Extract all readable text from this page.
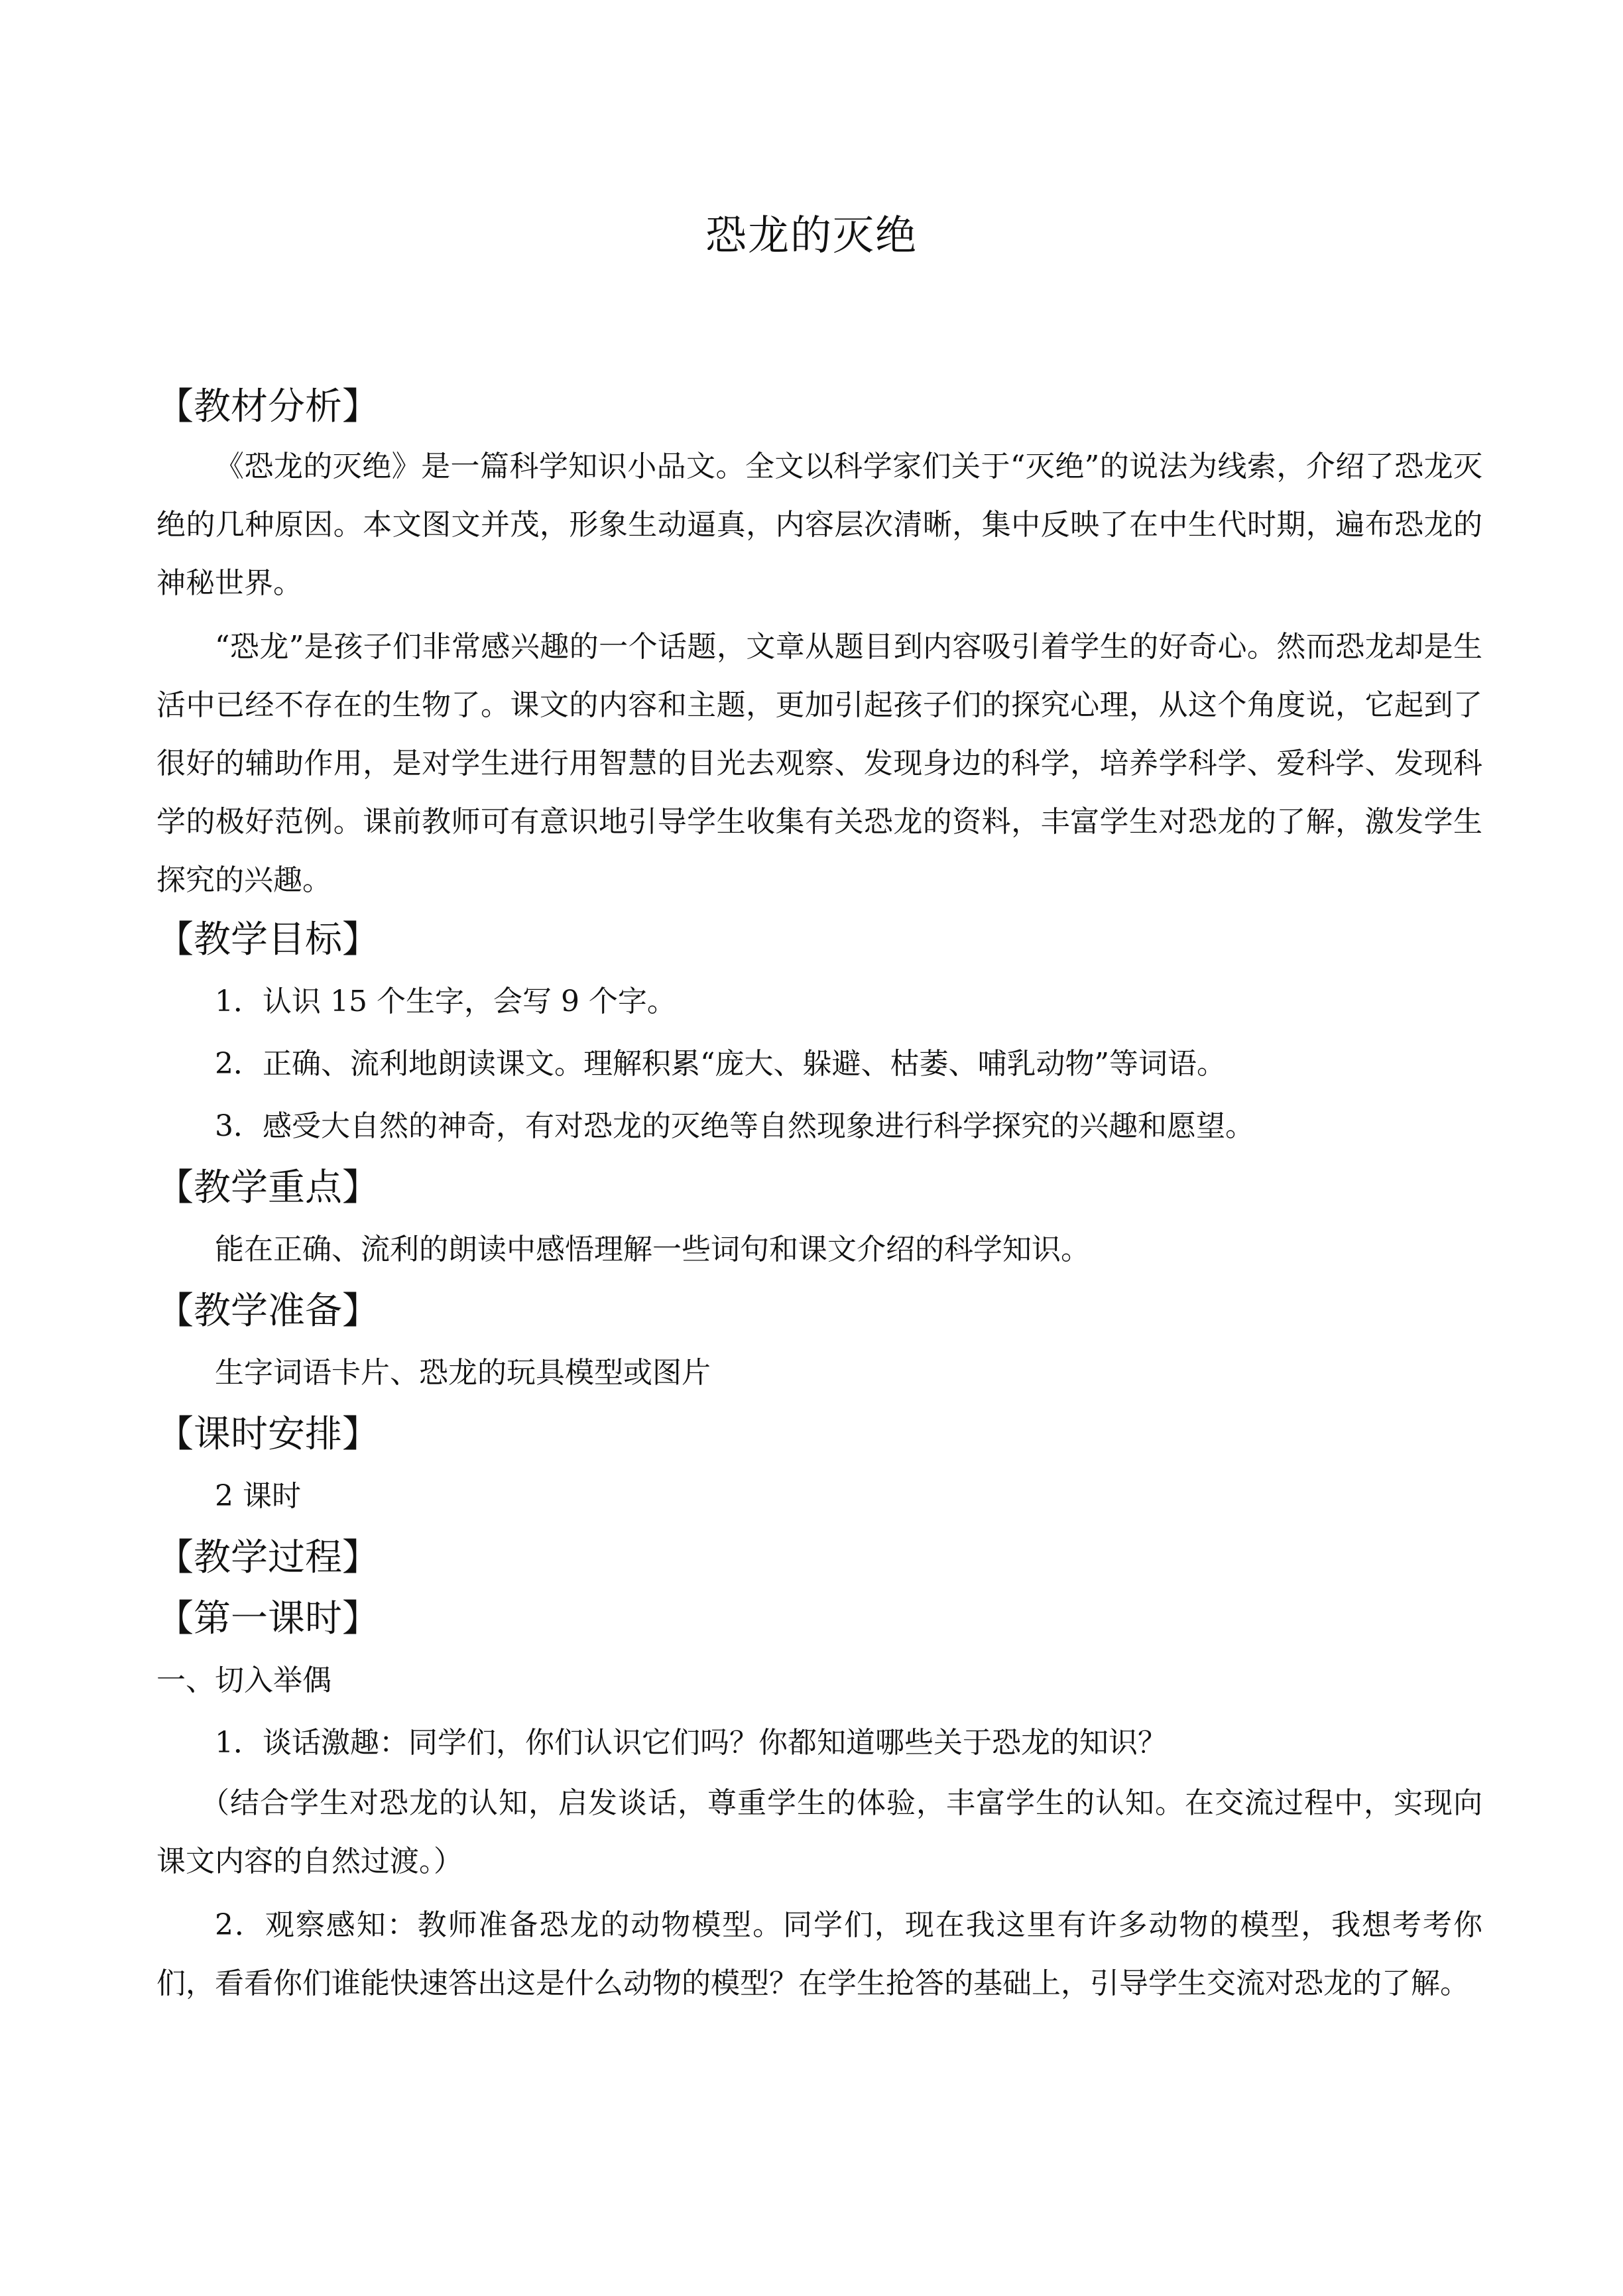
恐龙的灭绝
【教材分析】
《恐龙的灭绝》是一篇科学知识小品文。全文以科学家们关于“灭绝”的说法为线索，介绍了恐龙灭绝的几种原因。本文图文并茂，形象生动逼真，内容层次清晰，集中反映了在中生代时期，遍布恐龙的神秘世界。
“恐龙”是孩子们非常感兴趣的一个话题，文章从题目到内容吸引着学生的好奇心。然而恐龙却是生活中已经不存在的生物了。课文的内容和主题，更加引起孩子们的探究心理，从这个角度说，它起到了很好的辅助作用，是对学生进行用智慧的目光去观察、发现身边的科学，培养学科学、爱科学、发现科学的极好范例。课前教师可有意识地引导学生收集有关恐龙的资料，丰富学生对恐龙的了解，激发学生探究的兴趣。
【教学目标】
1．认识 15 个生字，会写 9 个字。
2．正确、流利地朗读课文。理解积累“庞大、躲避、枯萎、哺乳动物”等词语。
3．感受大自然的神奇，有对恐龙的灭绝等自然现象进行科学探究的兴趣和愿望。
【教学重点】
能在正确、流利的朗读中感悟理解一些词句和课文介绍的科学知识。
【教学准备】
生字词语卡片、恐龙的玩具模型或图片
【课时安排】
2 课时
【教学过程】
【第一课时】
一、切入举偶
1．谈话激趣：同学们，你们认识它们吗？你都知道哪些关于恐龙的知识？
（结合学生对恐龙的认知，启发谈话，尊重学生的体验，丰富学生的认知。在交流过程中，实现向课文内容的自然过渡。）
2．观察感知：教师准备恐龙的动物模型。同学们，现在我这里有许多动物的模型，我想考考你们，看看你们谁能快速答出这是什么动物的模型？在学生抢答的基础上，引导学生交流对恐龙的了解。
